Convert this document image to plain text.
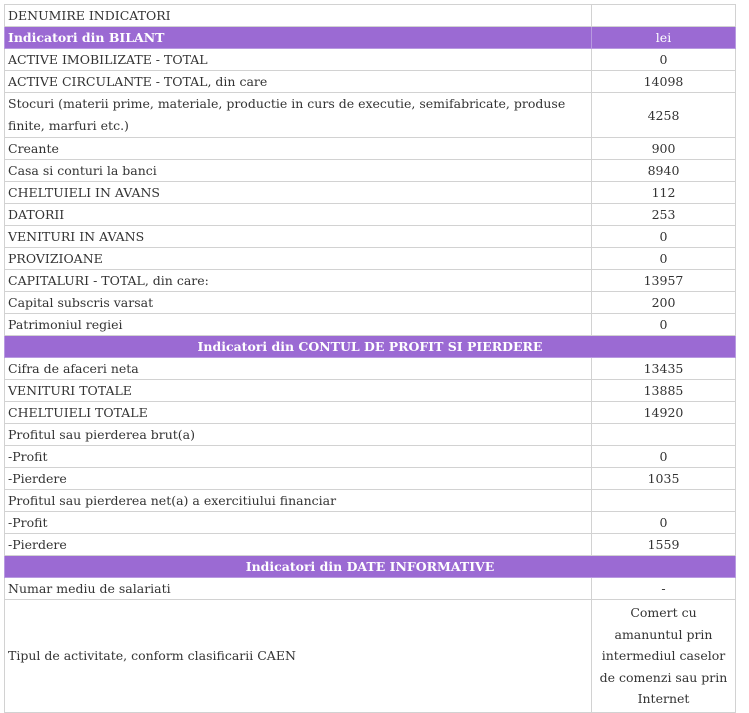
DENUMIRE INDICATORI	
Indicatori din BILANT	lei
ACTIVE IMOBILIZATE - TOTAL	0
ACTIVE CIRCULANTE - TOTAL, din care	14098
Stocuri (materii prime, materiale, productie in curs de executie, semifabricate, produse finite, marfuri etc.)	4258
Creante	900
Casa si conturi la banci	8940
CHELTUIELI IN AVANS	112
DATORII	253
VENITURI IN AVANS	0
PROVIZIOANE	0
CAPITALURI - TOTAL, din care:	13957
Capital subscris varsat	200
Patrimoniul regiei	0
Indicatori din CONTUL DE PROFIT SI PIERDERE	
Cifra de afaceri neta	13435
VENITURI TOTALE	13885
CHELTUIELI TOTALE	14920
Profitul sau pierderea brut(a)	
-Profit	0
-Pierdere	1035
Profitul sau pierderea net(a) a exercitiului financiar	
-Profit	0
-Pierdere	1559
Indicatori din DATE INFORMATIVE	
Numar mediu de salariati	-
Tipul de activitate, conform clasificarii CAEN	Comert cu amanuntul prin intermediul caselor de comenzi sau prin Internet
